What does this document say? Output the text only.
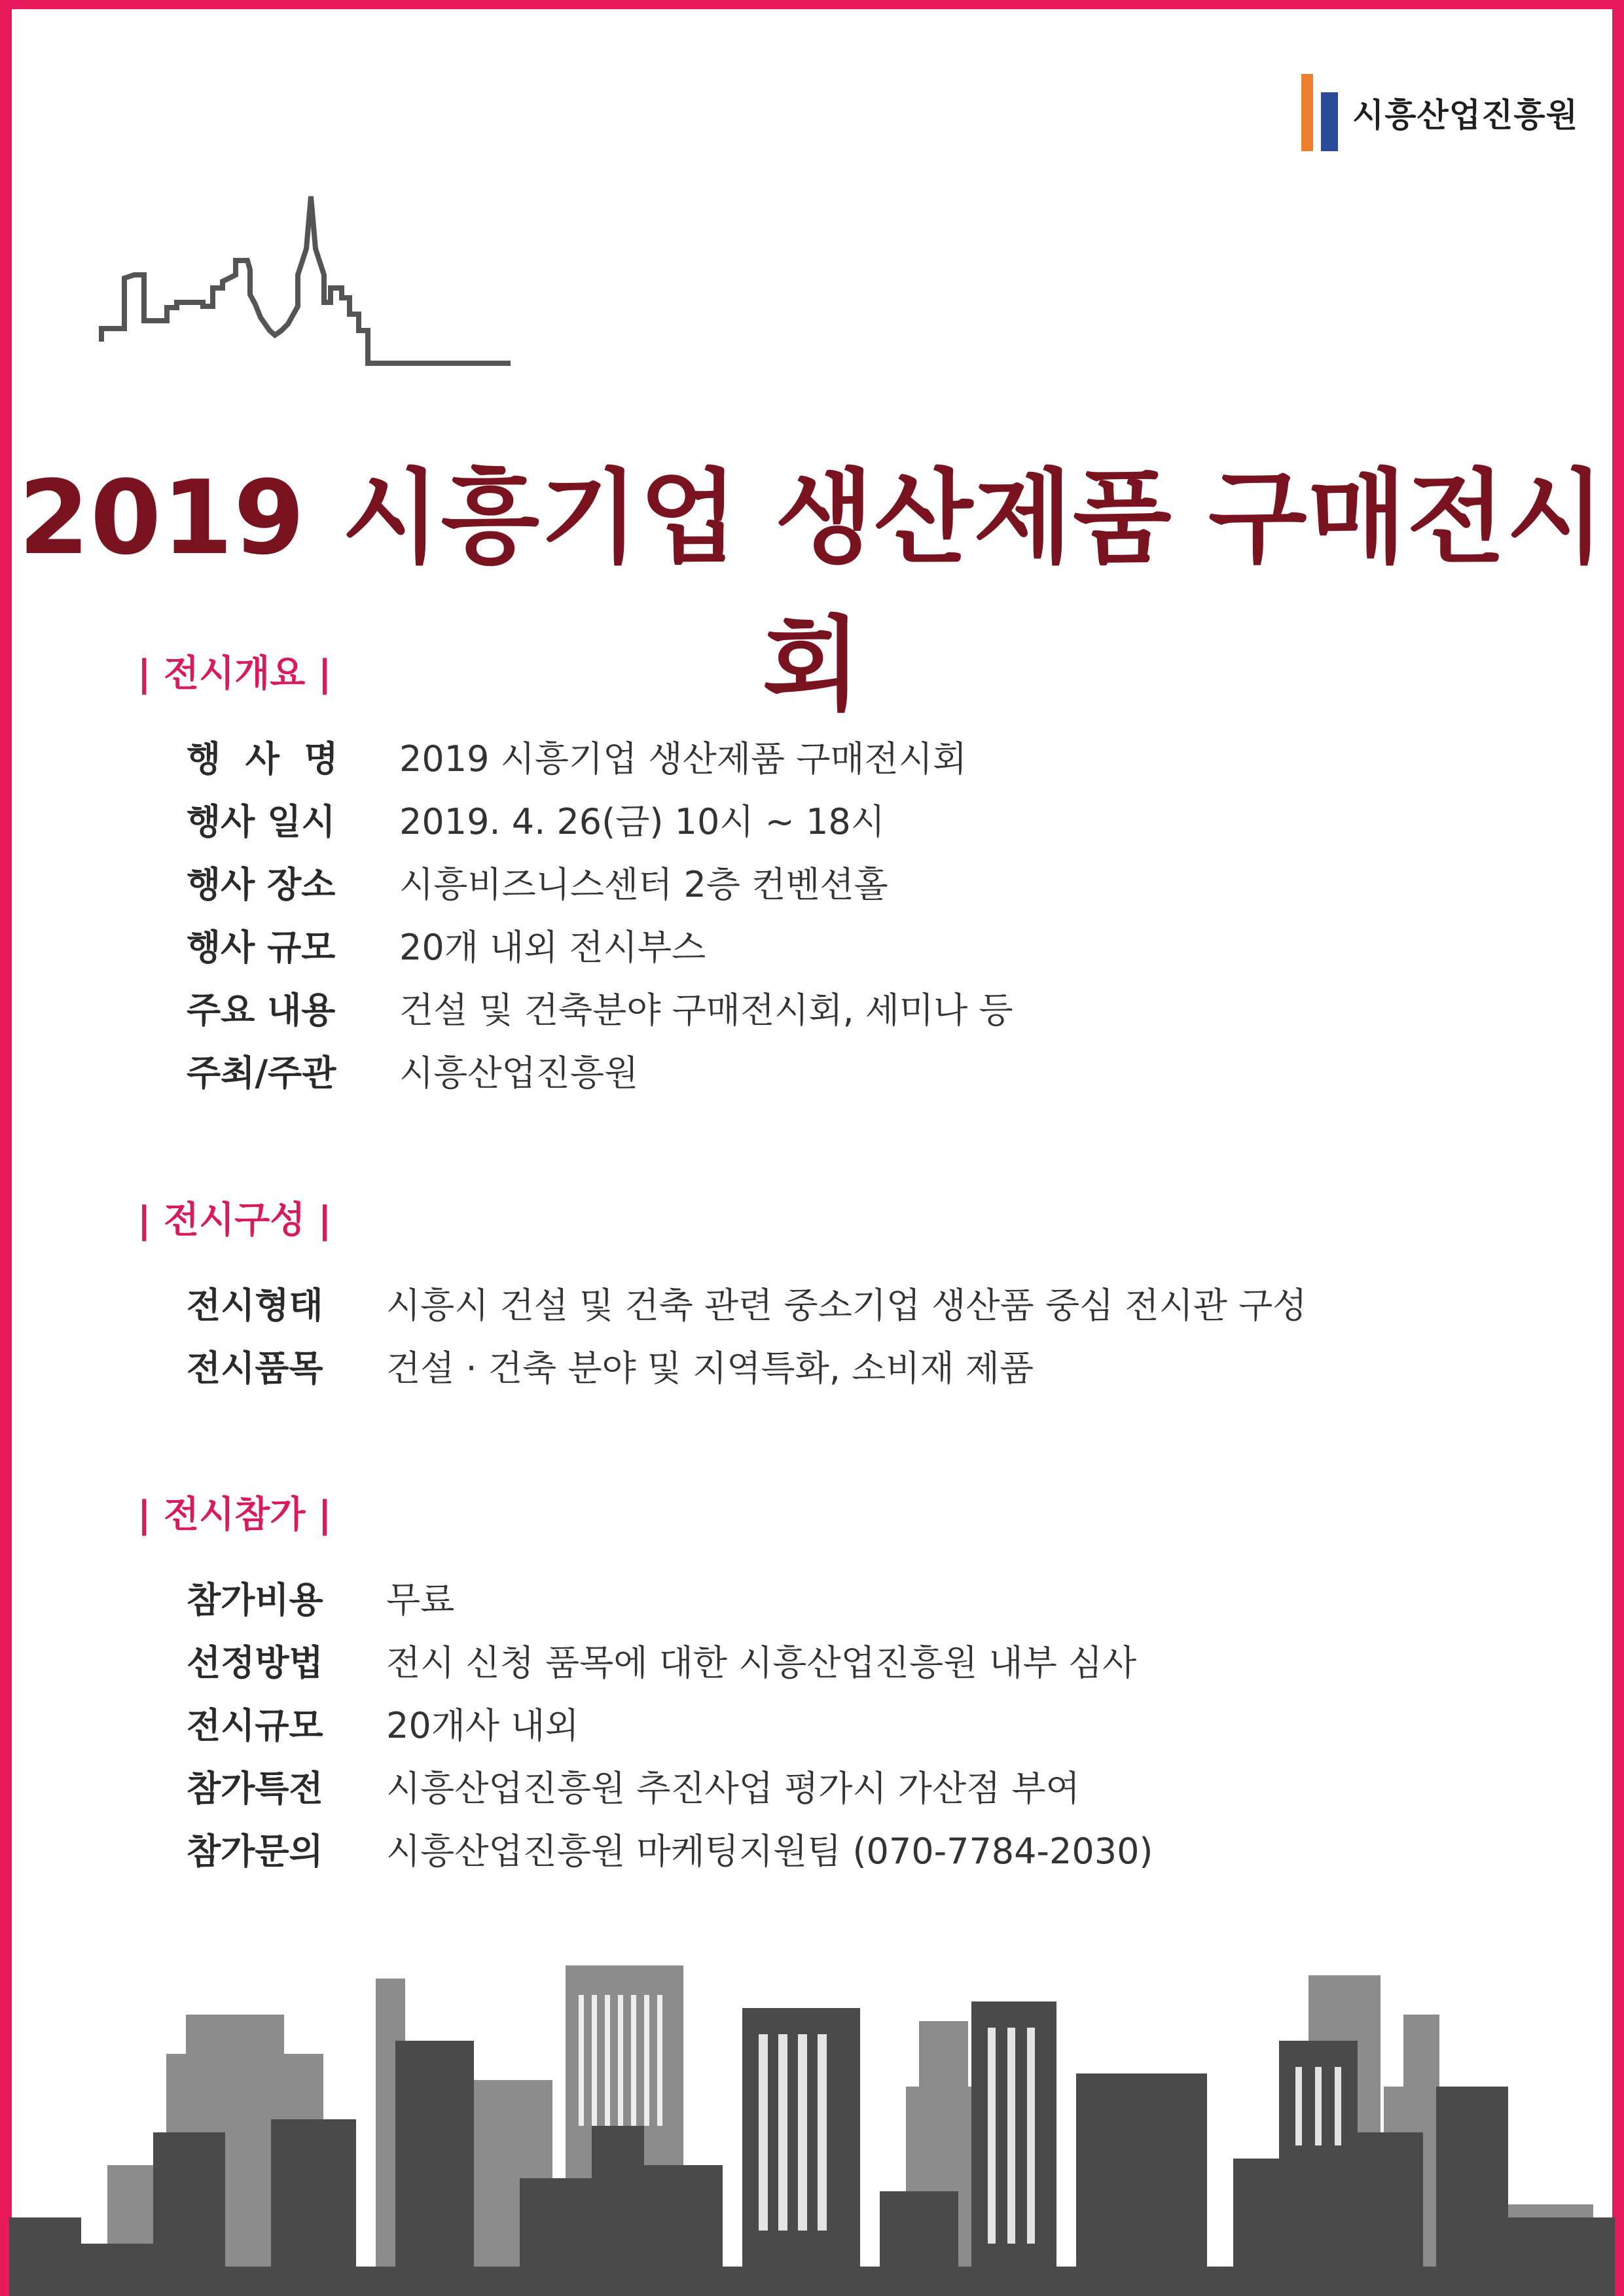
시흥산업진흥원
2019 시흥기업 생산제품 구매전시회
| 전시개요 |
행  사  명	2019 시흥기업 생산제품 구매전시회
행사 일시	2019. 4. 26(금) 10시 ~ 18시
행사 장소	시흥비즈니스센터 2층 컨벤션홀
행사 규모	20개 내외 전시부스
주요 내용	건설 및 건축분야 구매전시회, 세미나 등
주최/주관	시흥산업진흥원
| 전시구성 |
전시형태	시흥시 건설 및 건축 관련 중소기업 생산품 중심 전시관 구성
전시품목	건설 · 건축 분야 및 지역특화, 소비재 제품
| 전시참가 |
참가비용	무료
선정방법	전시 신청 품목에 대한 시흥산업진흥원 내부 심사
전시규모	20개사 내외
참가특전	시흥산업진흥원 추진사업 평가시 가산점 부여
참가문의	시흥산업진흥원 마케팅지원팀 (070-7784-2030)
